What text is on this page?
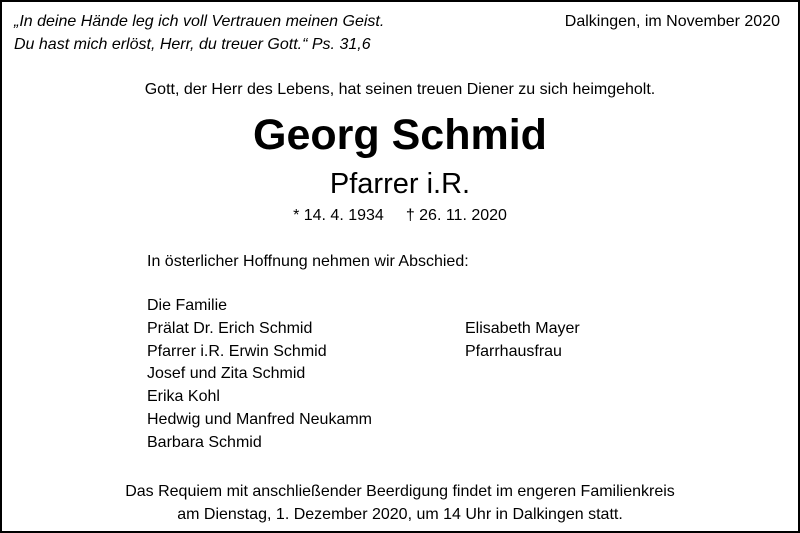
„In deine Hände leg ich voll Vertrauen meinen Geist.
Du hast mich erlöst, Herr, du treuer Gott.“ Ps. 31,6
Dalkingen, im November 2020
Gott, der Herr des Lebens, hat seinen treuen Diener zu sich heimgeholt.
Georg Schmid
Pfarrer i.R.
* 14. 4. 1934 † 26. 11. 2020
In österlicher Hoffnung nehmen wir Abschied:
Die Familie
Prälat Dr. Erich Schmid
Pfarrer i.R. Erwin Schmid
Josef und Zita Schmid
Erika Kohl
Hedwig und Manfred Neukamm
Barbara Schmid
Elisabeth Mayer
Pfarrhausfrau
Das Requiem mit anschließender Beerdigung findet im engeren Familienkreis
am Dienstag, 1. Dezember 2020, um 14 Uhr in Dalkingen statt.
